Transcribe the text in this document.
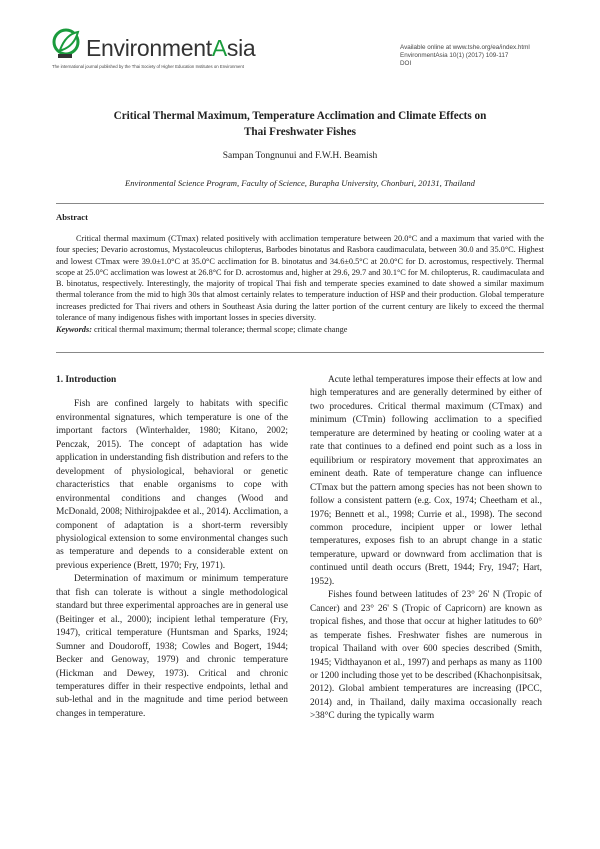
EnvironmentAsia
The international journal published by the Thai Society of Higher Education Institutes on Environment
Available online at www.tshe.org/ea/index.html
EnvironmentAsia 10(1) (2017) 109-117
DOI
Critical Thermal Maximum, Temperature Acclimation and Climate Effects on
Thai Freshwater Fishes
Sampan Tongnunui and F.W.H. Beamish
Environmental Science Program, Faculty of Science, Burapha University, Chonburi, 20131, Thailand
Abstract

Critical thermal maximum (CTmax) related positively with acclimation temperature between 20.0°C and a maximum that varied with the four species; Devario acrostomus, Mystacoleucus chilopterus, Barbodes binotatus and Rasbora caudimaculata, between 30.0 and 35.0°C. Highest and lowest CTmax were 39.0±1.0°C at 35.0°C acclimation for B. binotatus and 34.6±0.5°C at 20.0°C for D. acrostomus, respectively. Thermal scope at 25.0°C acclimation was lowest at 26.8°C for D. acrostomus and, higher at 29.6, 29.7 and 30.1°C for M. chilopterus, R. caudimaculata and B. binotatus, respectively. Interestingly, the majority of tropical Thai fish and temperate species examined to date showed a similar maximum thermal tolerance from the mid to high 30s that almost certainly relates to temperature induction of HSP and their production. Global temperature increases predicted for Thai rivers and others in Southeast Asia during the latter portion of the current century are likely to exceed the thermal tolerance of many indigenous fishes with important losses in species diversity.

Keywords: critical thermal maximum; thermal tolerance; thermal scope; climate change
1. Introduction

Fish are confined largely to habitats with specific environmental signatures, which temperature is one of the important factors (Winterhalder, 1980; Kitano, 2002; Penczak, 2015). The concept of adaptation has wide application in understanding fish distribution and refers to the development of physiological, behavioral or genetic characteristics that enable organisms to cope with environmental conditions and changes (Wood and McDonald, 2008; Nithirojpakdee et al., 2014). Acclimation, a component of adaptation is a short-term reversibly physiological extension to some environmental changes such as temperature and depends to a considerable extent on previous experience (Brett, 1970; Fry, 1971).

Determination of maximum or minimum temperature that fish can tolerate is without a single methodological standard but three experimental approaches are in general use (Beitinger et al., 2000); incipient lethal temperature (Fry, 1947), critical temperature (Huntsman and Sparks, 1924; Sumner and Doudoroff, 1938; Cowles and Bogert, 1944; Becker and Genoway, 1979) and chronic temperature (Hickman and Dewey, 1973). Critical and chronic temperatures differ in their respective endpoints, lethal and sub-lethal and in the magnitude and time period between changes in temperature.

Acute lethal temperatures impose their effects at low and high temperatures and are generally determined by either of two procedures. Critical thermal maximum (CTmax) and minimum (CTmin) following acclimation to a specified temperature are determined by heating or cooling water at a rate that continues to a defined end point such as a loss in equilibrium or respiratory movement that approximates an eminent death. Rate of temperature change can influence CTmax but the pattern among species has not been shown to follow a consistent pattern (e.g. Cox, 1974; Cheetham et al., 1976; Bennett et al., 1998; Currie et al., 1998). The second common procedure, incipient upper or lower lethal temperatures, exposes fish to an abrupt change in a static temperature, upward or downward from acclimation that is continued until death occurs (Brett, 1944; Fry, 1947; Hart, 1952).

Fishes found between latitudes of 23° 26' N (Tropic of Cancer) and 23° 26' S (Tropic of Capricorn) are known as tropical fishes, and those that occur at higher latitudes to 60° as temperate fishes. Freshwater fishes are numerous in tropical Thailand with over 600 species described (Smith, 1945; Vidthayanon et al., 1997) and perhaps as many as 1100 or 1200 including those yet to be described (Khachonpisitsak, 2012). Global ambient temperatures are increasing (IPCC, 2014) and, in Thailand, daily maxima occasionally reach >38°C during the typically warm
